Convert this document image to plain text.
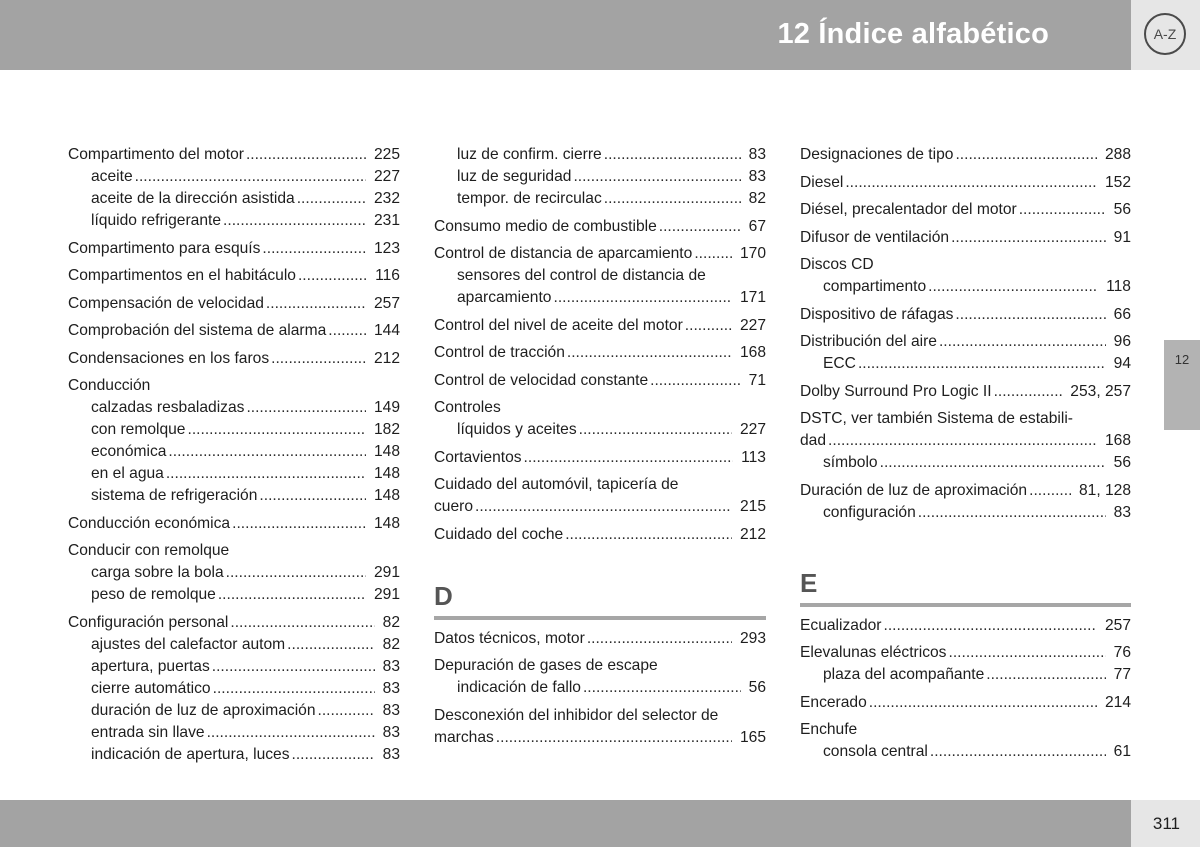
12 Índice alfabético	A-Z
12
Compartimento del motor .....	225
aceite .....	227
aceite de la dirección asistida .....	232
líquido refrigerante .....	231
Compartimento para esquís .....	123
Compartimentos en el habitáculo .....	116
Compensación de velocidad .....	257
Comprobación del sistema de alarma .....	144
Condensaciones en los faros .....	212
Conducción
calzadas resbaladizas .....	149
con remolque .....	182
económica .....	148
en el agua .....	148
sistema de refrigeración .....	148
Conducción económica .....	148
Conducir con remolque
carga sobre la bola .....	291
peso de remolque .....	291
Configuración personal .....	82
ajustes del calefactor autom .....	82
apertura, puertas .....	83
cierre automático .....	83
duración de luz de aproximación .....	83
entrada sin llave .....	83
indicación de apertura, luces .....	83
luz de confirm. cierre .....	83
luz de seguridad .....	83
tempor. de recirculac .....	82
Consumo medio de combustible .....	67
Control de distancia de aparcamiento .....	170
sensores del control de distancia de
aparcamiento .....	171
Control del nivel de aceite del motor .....	227
Control de tracción .....	168
Control de velocidad constante .....	71
Controles
líquidos y aceites .....	227
Cortavientos .....	113
Cuidado del automóvil, tapicería de
cuero .....	215
Cuidado del coche .....	212
D
Datos técnicos, motor .....	293
Depuración de gases de escape
indicación de fallo .....	56
Desconexión del inhibidor del selector de
marchas .....	165
Designaciones de tipo .....	288
Diesel .....	152
Diésel, precalentador del motor .....	56
Difusor de ventilación .....	91
Discos CD
compartimento .....	118
Dispositivo de ráfagas .....	66
Distribución del aire .....	96
ECC .....	94
Dolby Surround Pro Logic II .....	253, 257
DSTC, ver también Sistema de estabili-
dad .....	168
símbolo .....	56
Duración de luz de aproximación .....	81, 128
configuración .....	83
E
Ecualizador .....	257
Elevalunas eléctricos .....	76
plaza del acompañante .....	77
Encerado .....	214
Enchufe
consola central .....	61
311
